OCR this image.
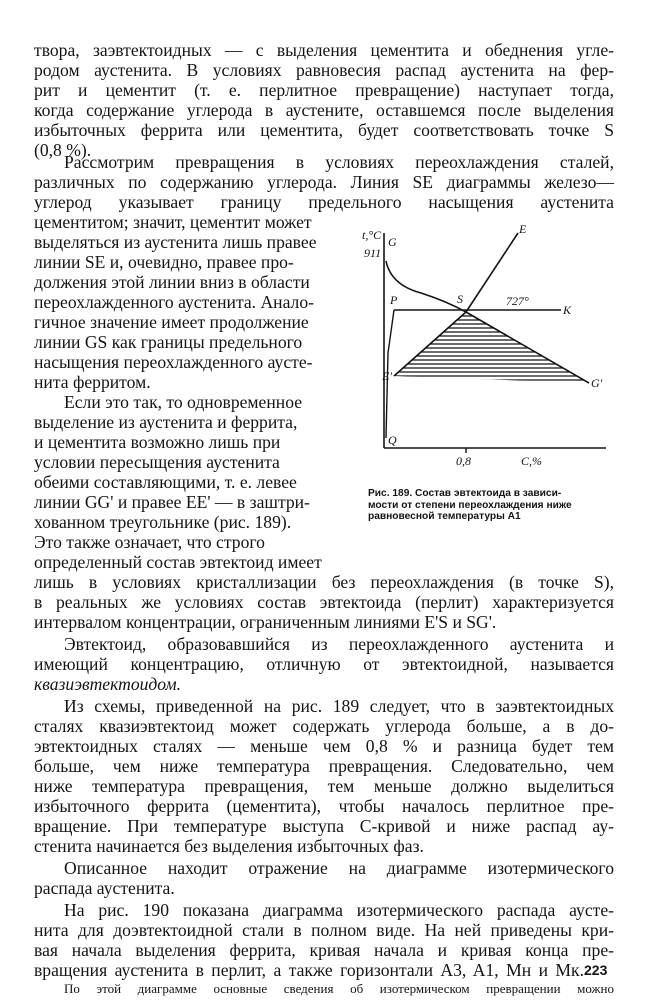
твора, заэвтектоидных — с выделения цементита и обеднения угле-
родом аустенита. В условиях равновесия распад аустенита на фер-
рит и цементит (т. е. перлитное превращение) наступает тогда,
когда содержание углерода в аустените, оставшемся после выделения
избыточных феррита или цементита, будет соответствовать точке S
(0,8 %).
Рассмотрим превращения в условиях переохлаждения сталей,
различных по содержанию углерода. Линия SE диаграммы железо—
углерод указывает границу предельного насыщения аустенита
цементитом; значит, цементит может
выделяться из аустенита лишь правее
линии SE и, очевидно, правее про-
должения этой линии вниз в области
переохлажденного аустенита. Анало-
гичное значение имеет продолжение
линии GS как границы предельного
насыщения переохлажденного аусте-
нита ферритом.
Если это так, то одновременное
выделение из аустенита и феррита,
и цементита возможно лишь при
условии пересыщения аустенита
обеими составляющими, т. е. левее
линии GG' и правее EE' — в заштри-
хованном треугольнике (рис. 189).
Это также означает, что строго
определенный состав эвтектоид имеет
лишь в условиях кристаллизации без переохлаждения (в точке S),
в реальных же условиях состав эвтектоида (перлит) характеризуется
интервалом концентрации, ограниченным линиями E'S и SG'.
Эвтектоид, образовавшийся из переохлажденного аустенита и
имеющий концентрацию, отличную от эвтектоидной, называется
квазиэвтектоидом.
Из схемы, приведенной на рис. 189 следует, что в заэвтектоидных
сталях квазиэвтектоид может содержать углерода больше, а в до-
эвтектоидных сталях — меньше чем 0,8 % и разница будет тем
больше, чем ниже температура превращения. Следовательно, чем
ниже температура превращения, тем меньше должно выделиться
избыточного феррита (цементита), чтобы началось перлитное пре-
вращение. При температуре выступа С-кривой и ниже распад ау-
стенита начинается без выделения избыточных фаз.
Описанное находит отражение на диаграмме изотермического
распада аустенита.
На рис. 190 показана диаграмма изотермического распада аусте-
нита для доэвтектоидной стали в полном виде. На ней приведены кри-
вая начала выделения феррита, кривая начала и кривая конца пре-
вращения аустенита в перлит, а также горизонтали A3, A1, Mн и Mк.
По этой диаграмме основные сведения об изотермическом превращении можно
t,°C
911
G
E
P	S	727°
K
E'	G'
Q
0,8	C,%
Рис. 189. Состав эвтектоида в зависи-
мости от степени переохлаждения ниже
равновесной температуры A1
223
